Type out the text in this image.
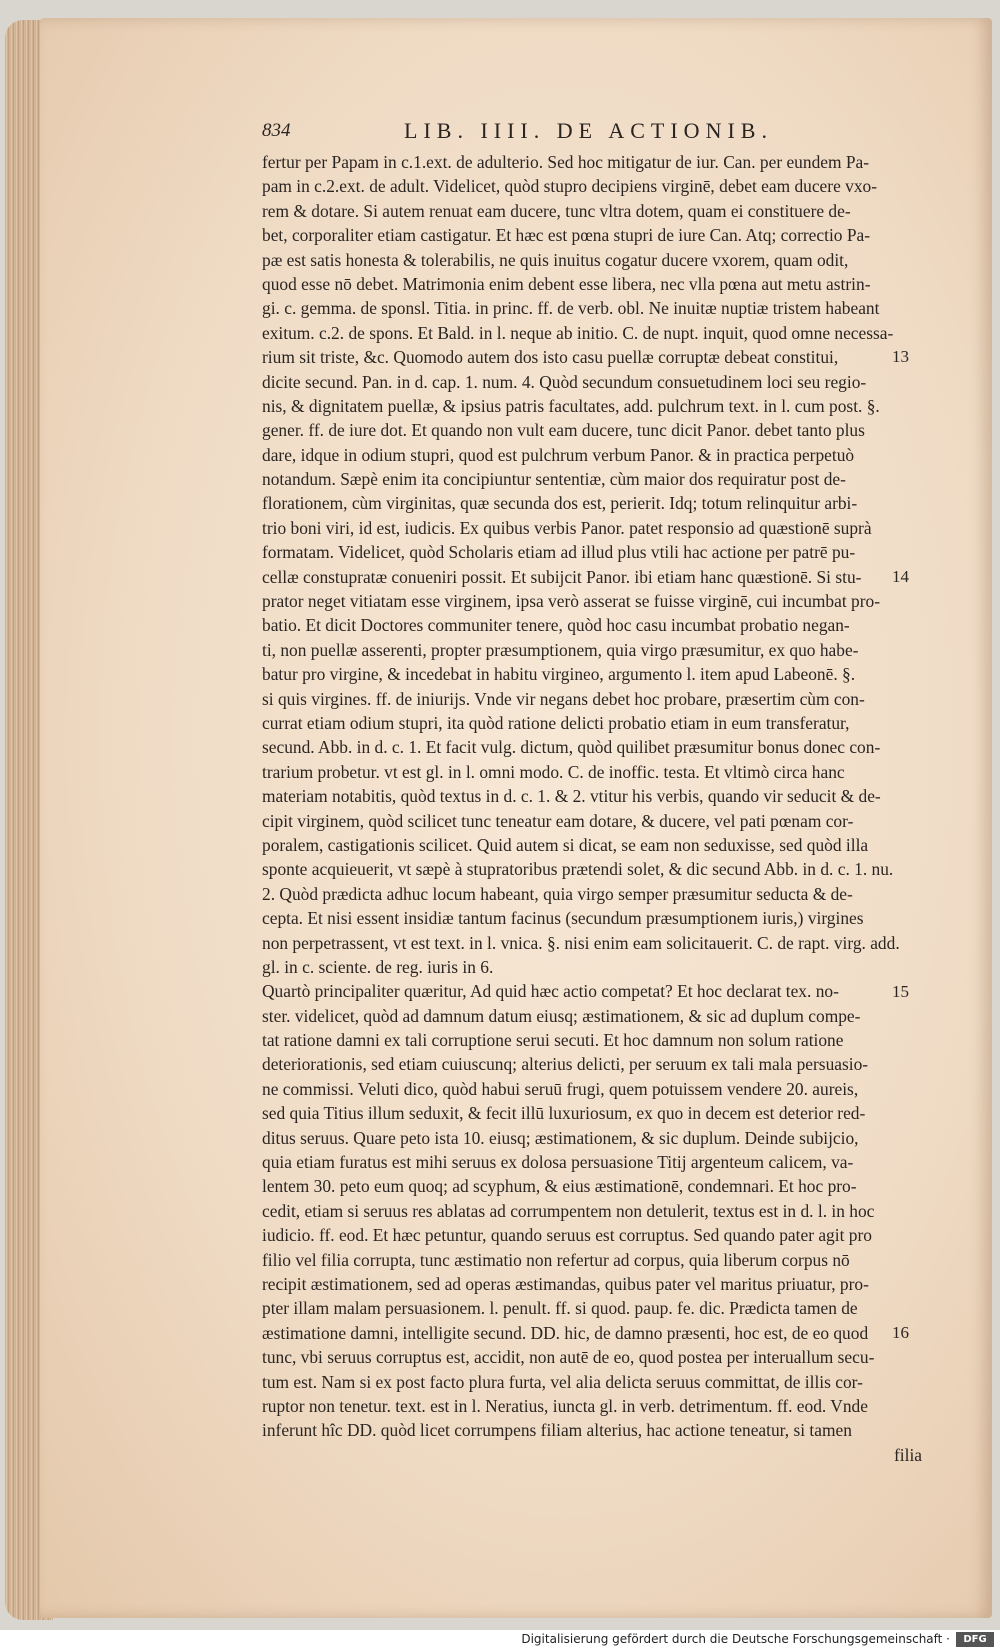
834	LIB. IIII. DE ACTIONIB.
fertur per Papam in c.1.ext. de adulterio. Sed hoc mitigatur de iur. Can. per eundem Pa-
pam in c.2.ext. de adult. Videlicet, quòd stupro decipiens virginē, debet eam ducere vxo-
rem & dotare. Si autem renuat eam ducere, tunc vltra dotem, quam ei constituere de-
bet, corporaliter etiam castigatur. Et hæc est pœna stupri de iure Can. Atq; correctio Pa-
pæ est satis honesta & tolerabilis, ne quis inuitus cogatur ducere vxorem, quam odit,
quod esse nō debet. Matrimonia enim debent esse libera, nec vlla pœna aut metu astrin-
gi. c. gemma. de sponsl. Titia. in princ. ff. de verb. obl. Ne inuitæ nuptiæ tristem habeant
exitum. c.2. de spons. Et Bald. in l. neque ab initio. C. de nupt. inquit, quod omne necessa-
rium sit triste, &c. Quomodo autem dos isto casu puellæ corruptæ debeat constitui,
dicite secund. Pan. in d. cap. 1. num. 4. Quòd secundum consuetudinem loci seu regio-
nis, & dignitatem puellæ, & ipsius patris facultates, add. pulchrum text. in l. cum post. §.
gener. ff. de iure dot. Et quando non vult eam ducere, tunc dicit Panor. debet tanto plus
dare, idque in odium stupri, quod est pulchrum verbum Panor. & in practica perpetuò
notandum. Sæpè enim ita concipiuntur sententiæ, cùm maior dos requiratur post de-
florationem, cùm virginitas, quæ secunda dos est, perierit. Idq; totum relinquitur arbi-
trio boni viri, id est, iudicis. Ex quibus verbis Panor. patet responsio ad quæstionē suprà
formatam. Videlicet, quòd Scholaris etiam ad illud plus vtili hac actione per patrē pu-
cellæ constupratæ conueniri possit. Et subijcit Panor. ibi etiam hanc quæstionē. Si stu-
prator neget vitiatam esse virginem, ipsa verò asserat se fuisse virginē, cui incumbat pro-
batio. Et dicit Doctores communiter tenere, quòd hoc casu incumbat probatio negan-
ti, non puellæ asserenti, propter præsumptionem, quia virgo præsumitur, ex quo habe-
batur pro virgine, & incedebat in habitu virgineo, argumento l. item apud Labeonē. §.
si quis virgines. ff. de iniurijs. Vnde vir negans debet hoc probare, præsertim cùm con-
currat etiam odium stupri, ita quòd ratione delicti probatio etiam in eum transferatur,
secund. Abb. in d. c. 1. Et facit vulg. dictum, quòd quilibet præsumitur bonus donec con-
trarium probetur. vt est gl. in l. omni modo. C. de inoffic. testa. Et vltimò circa hanc
materiam notabitis, quòd textus in d. c. 1. & 2. vtitur his verbis, quando vir seducit & de-
cipit virginem, quòd scilicet tunc teneatur eam dotare, & ducere, vel pati pœnam cor-
poralem, castigationis scilicet. Quid autem si dicat, se eam non seduxisse, sed quòd illa
sponte acquieuerit, vt sæpè à stupratoribus prætendi solet, & dic secund Abb. in d. c. 1. nu.
2. Quòd prædicta adhuc locum habeant, quia virgo semper præsumitur seducta & de-
cepta. Et nisi essent insidiæ tantum facinus (secundum præsumptionem iuris,) virgines
non perpetrassent, vt est text. in l. vnica. §. nisi enim eam solicitauerit. C. de rapt. virg. add.
gl. in c. sciente. de reg. iuris in 6.
Quartò principaliter quæritur, Ad quid hæc actio competat? Et hoc declarat tex. no-
ster. videlicet, quòd ad damnum datum eiusq; æstimationem, & sic ad duplum compe-
tat ratione damni ex tali corruptione serui secuti. Et hoc damnum non solum ratione
deteriorationis, sed etiam cuiuscunq; alterius delicti, per seruum ex tali mala persuasio-
ne commissi. Veluti dico, quòd habui seruū frugi, quem potuissem vendere 20. aureis,
sed quia Titius illum seduxit, & fecit illū luxuriosum, ex quo in decem est deterior red-
ditus seruus. Quare peto ista 10. eiusq; æstimationem, & sic duplum. Deinde subijcio,
quia etiam furatus est mihi seruus ex dolosa persuasione Titij argenteum calicem, va-
lentem 30. peto eum quoq; ad scyphum, & eius æstimationē, condemnari. Et hoc pro-
cedit, etiam si seruus res ablatas ad corrumpentem non detulerit, textus est in d. l. in hoc
iudicio. ff. eod. Et hæc petuntur, quando seruus est corruptus. Sed quando pater agit pro
filio vel filia corrupta, tunc æstimatio non refertur ad corpus, quia liberum corpus nō
recipit æstimationem, sed ad operas æstimandas, quibus pater vel maritus priuatur, pro-
pter illam malam persuasionem. l. penult. ff. si quod. paup. fe. dic. Prædicta tamen de
æstimatione damni, intelligite secund. DD. hic, de damno præsenti, hoc est, de eo quod
tunc, vbi seruus corruptus est, accidit, non autē de eo, quod postea per interuallum secu-
tum est. Nam si ex post facto plura furta, vel alia delicta seruus committat, de illis cor-
ruptor non tenetur. text. est in l. Neratius, iuncta gl. in verb. detrimentum. ff. eod. Vnde
inferunt hîc DD. quòd licet corrumpens filiam alterius, hac actione teneatur, si tamen
filia
Digitalisierung gefördert durch die Deutsche Forschungsgemeinschaft ·	DFG
13
14
15
16
